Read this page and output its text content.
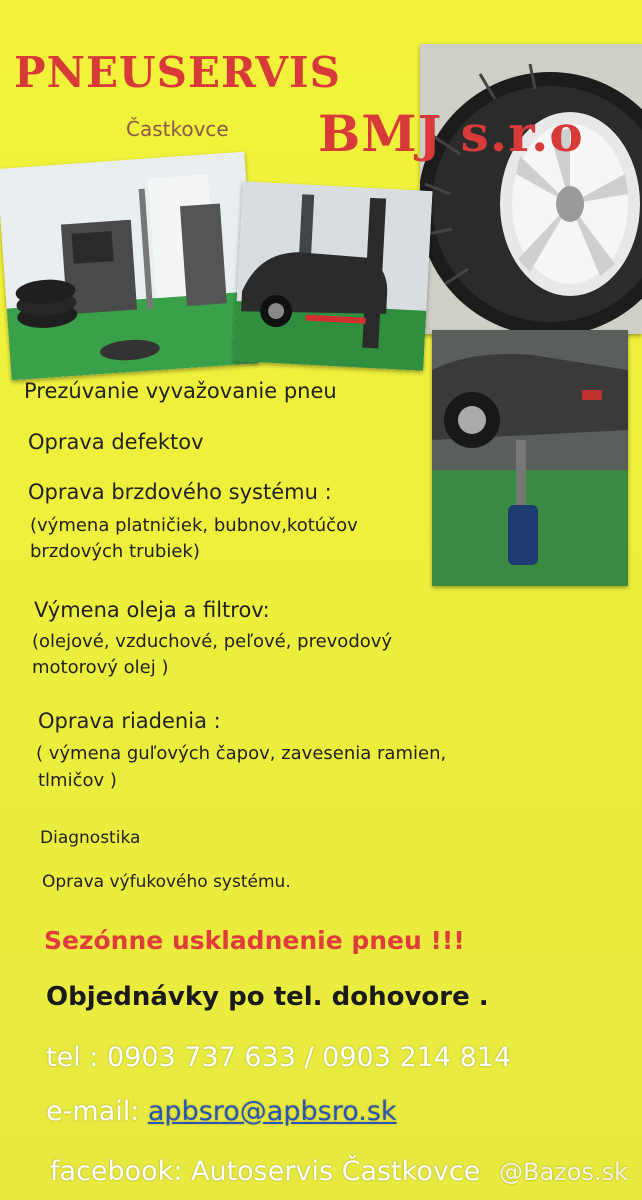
PNEUSERVIS
Častkovce BMJ s.r.o
Prezúvanie vyvažovanie pneu
Oprava defektov
Oprava brzdového systému :
(výmena platničiek, bubnov,kotúčov
brzdových trubiek)
Výmena oleja a filtrov:
(olejové, vzduchové, peľové, prevodový
motorový olej )
Oprava riadenia :
( výmena guľových čapov, zavesenia ramien,
tlmičov )
Diagnostika
Oprava výfukového systému.
Sezónne uskladnenie pneu !!!
Objednávky po tel. dohovore .
tel : 0903 737 633 / 0903 214 814
e-mail: apbsro@apbsro.sk
facebook: Autoservis Častkovce @Bazos.sk
